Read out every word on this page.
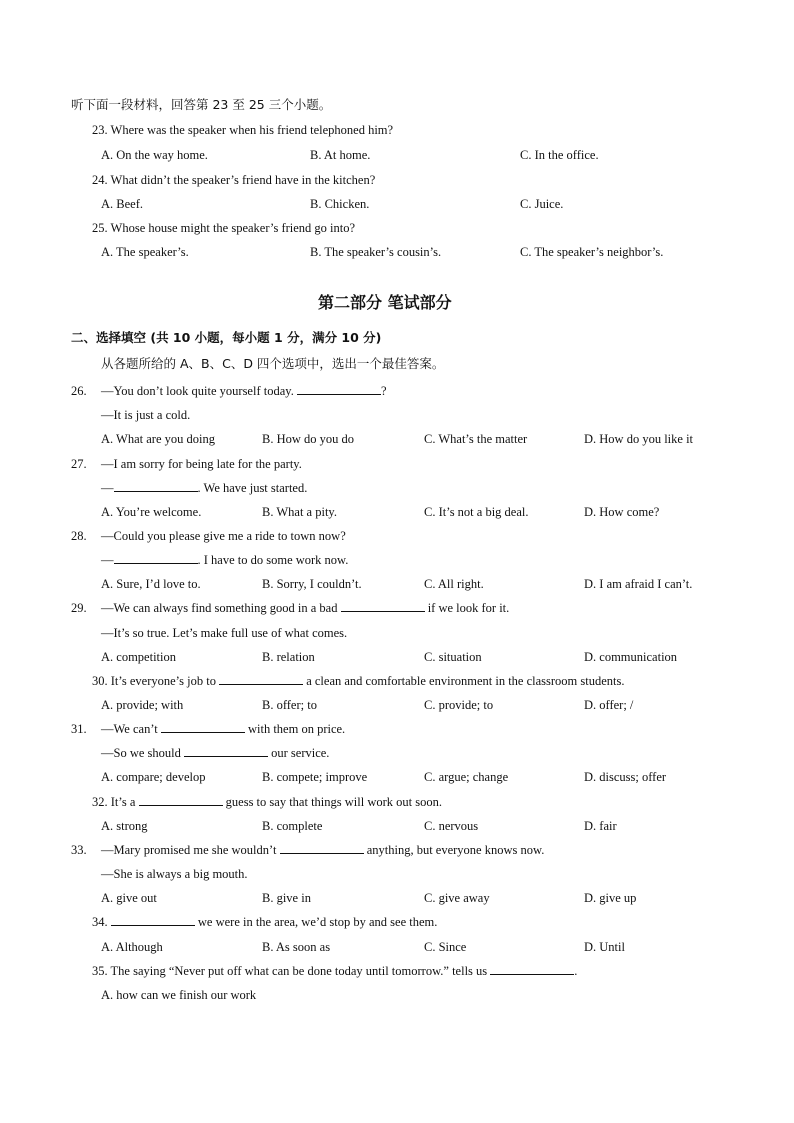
听下面一段材料，回答第 23 至 25 三个小题。
23. Where was the speaker when his friend telephoned him?
A. On the way home.	B. At home.	C. In the office.
24. What didn’t the speaker’s friend have in the kitchen?
A. Beef.	B. Chicken.	C. Juice.
25. Whose house might the speaker’s friend go into?
A. The speaker’s.	B. The speaker’s cousin’s.	C. The speaker’s neighbor’s.
第二部分 笔试部分
二、选择填空 (共 10 小题，每小题 1 分，满分 10 分)
从各题所给的 A、B、C、D 四个选项中，选出一个最佳答案。
26. —You don’t look quite yourself today.	?
—It is just a cold.
A. What are you doing	B. How do you do	C. What’s the matter	D. How do you like it
27. —I am sorry for being late for the party.
—	. We have just started.
A. You’re welcome.	B. What a pity.	C. It’s not a big deal.	D. How come?
28. —Could you please give me a ride to town now?
—	. I have to do some work now.
A. Sure, I’d love to.	B. Sorry, I couldn’t.	C. All right.	D. I am afraid I can’t.
29. —We can always find something good in a bad	if we look for it.
—It’s so true. Let’s make full use of what comes.
A. competition	B. relation	C. situation	D. communication
30. It’s everyone’s job to	a clean and comfortable environment in the classroom students.
A. provide; with	B. offer; to	C. provide; to	D. offer; /
31. —We can’t	with them on price.
—So we should	our service.
A. compare; develop	B. compete; improve	C. argue; change	D. discuss; offer
32. It’s a	guess to say that things will work out soon.
A. strong	B. complete	C. nervous	D. fair
33. —Mary promised me she wouldn’t	anything, but everyone knows now.
—She is always a big mouth.
A. give out	B. give in	C. give away	D. give up
34.	we were in the area, we’d stop by and see them.
A. Although	B. As soon as	C. Since	D. Until
35. The saying “Never put off what can be done today until tomorrow.” tells us	.
A. how can we finish our work
